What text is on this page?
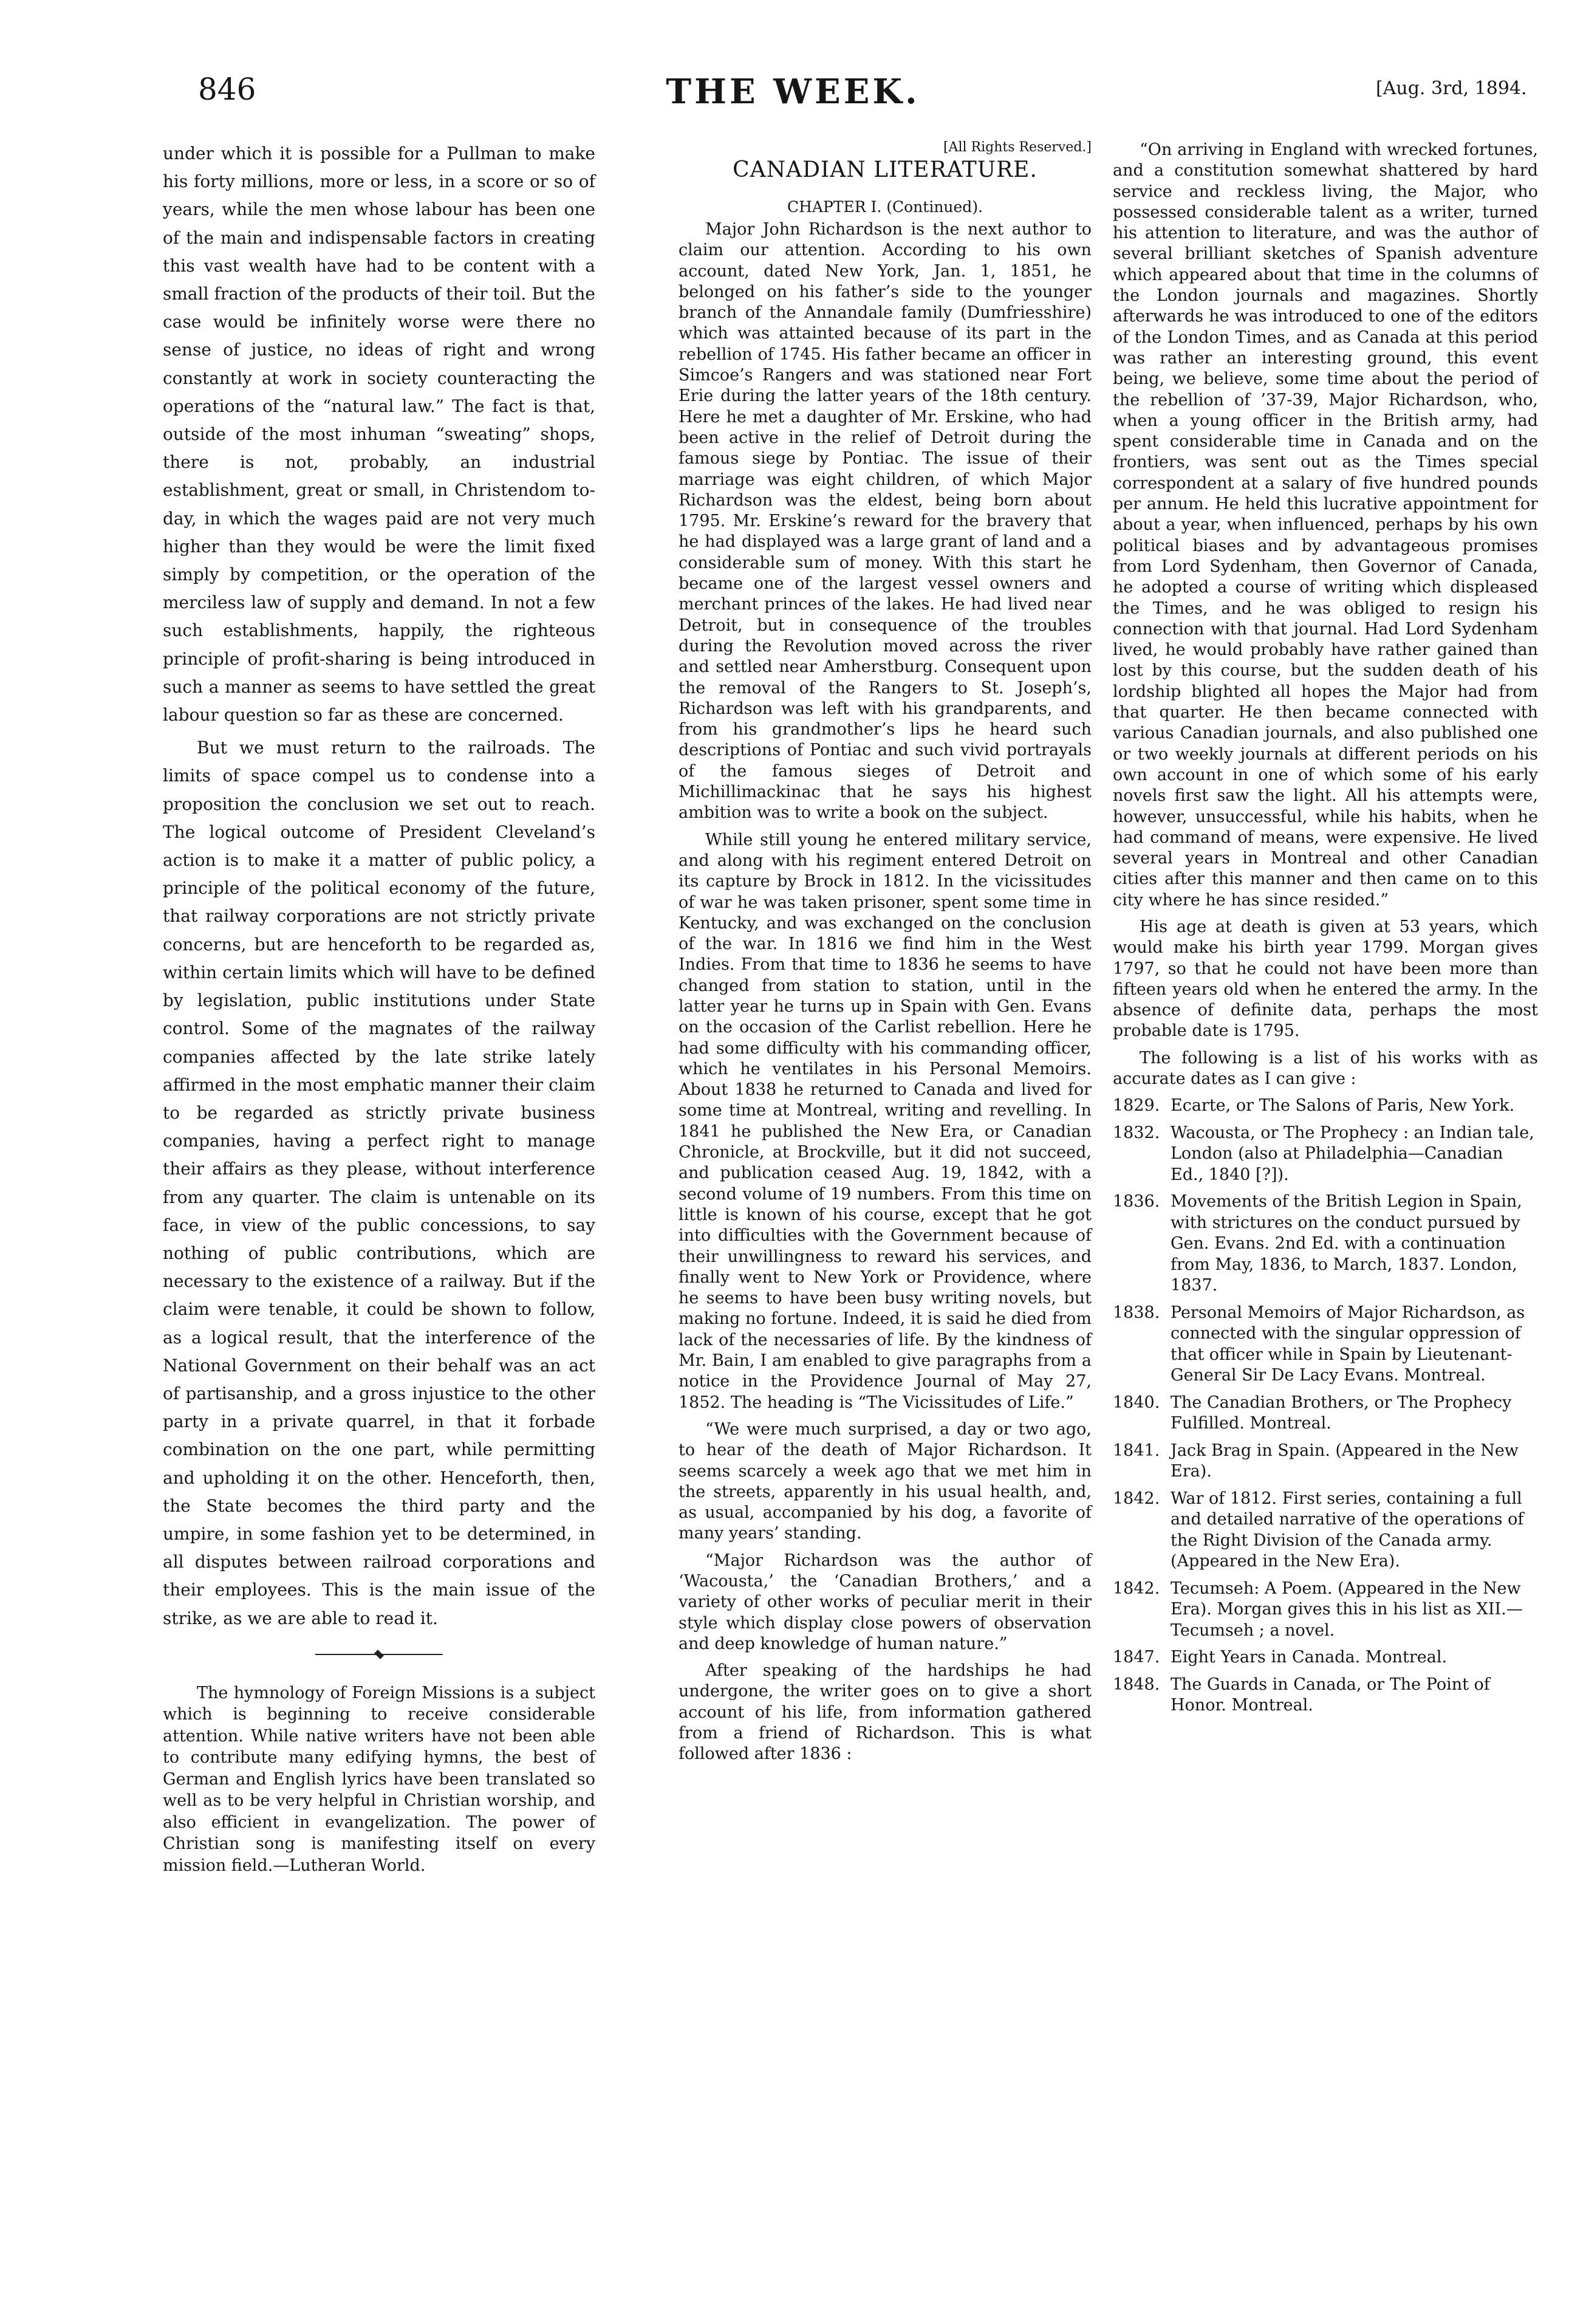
THE WEEK.
846	[Aug. 3rd, 1894.

under which it is possible for a Pullman to make his forty millions, more or less, in a score or so of years, while the men whose labour has been one of the main and indispensable factors in creating this vast wealth have had to be content with a small fraction of the products of their toil. But the case would be infinitely worse were there no sense of justice, no ideas of right and wrong constantly at work in society counteracting the operations of the “natural law.” The fact is that, outside of the most inhuman “sweating” shops, there is not, probably, an industrial establishment, great or small, in Christendom to-day, in which the wages paid are not very much higher than they would be were the limit fixed simply by competition, or the operation of the merciless law of supply and demand. In not a few such establishments, happily, the righteous principle of profit-sharing is being introduced in such a manner as seems to have settled the great labour question so far as these are concerned.

But we must return to the railroads. The limits of space compel us to condense into a proposition the conclusion we set out to reach. The logical outcome of President Cleveland’s action is to make it a matter of public policy, a principle of the political economy of the future, that railway corporations are not strictly private concerns, but are henceforth to be regarded as, within certain limits which will have to be defined by legislation, public institutions under State control. Some of the magnates of the railway companies affected by the late strike lately affirmed in the most emphatic manner their claim to be regarded as strictly private business companies, having a perfect right to manage their affairs as they please, without interference from any quarter. The claim is untenable on its face, in view of the public concessions, to say nothing of public contributions, which are necessary to the existence of a railway. But if the claim were tenable, it could be shown to follow, as a logical result, that the interference of the National Government on their behalf was an act of partisanship, and a gross injustice to the other party in a private quarrel, in that it forbade combination on the one part, while permitting and upholding it on the other. Henceforth, then, the State becomes the third party and the umpire, in some fashion yet to be determined, in all disputes between railroad corporations and their employees. This is the main issue of the strike, as we are able to read it.

The hymnology of Foreign Missions is a subject which is beginning to receive considerable attention. While native writers have not been able to contribute many edifying hymns, the best of German and English lyrics have been translated so well as to be very helpful in Christian worship, and also efficient in evangelization. The power of Christian song is manifesting itself on every mission field.—Lutheran World.

[All Rights Reserved.]
CANADIAN LITERATURE.
CHAPTER I. (Continued).

Major John Richardson is the next author to claim our attention. According to his own account, dated New York, Jan. 1, 1851, he belonged on his father’s side to the younger branch of the Annandale family (Dumfriesshire) which was attainted because of its part in the rebellion of 1745. His father became an officer in Simcoe’s Rangers and was stationed near Fort Erie during the latter years of the 18th century. Here he met a daughter of Mr. Erskine, who had been active in the relief of Detroit during the famous siege by Pontiac. The issue of their marriage was eight children, of which Major Richardson was the eldest, being born about 1795. Mr. Erskine’s reward for the bravery that he had displayed was a large grant of land and a considerable sum of money. With this start he became one of the largest vessel owners and merchant princes of the lakes. He had lived near Detroit, but in consequence of the troubles during the Revolution moved across the river and settled near Amherstburg. Consequent upon the removal of the Rangers to St. Joseph’s, Richardson was left with his grandparents, and from his grandmother’s lips he heard such descriptions of Pontiac and such vivid portrayals of the famous sieges of Detroit and Michillimackinac that he says his highest ambition was to write a book on the subject.

While still young he entered military service, and along with his regiment entered Detroit on its capture by Brock in 1812. In the vicissitudes of war he was taken prisoner, spent some time in Kentucky, and was exchanged on the conclusion of the war. In 1816 we find him in the West Indies. From that time to 1836 he seems to have changed from station to station, until in the latter year he turns up in Spain with Gen. Evans on the occasion of the Carlist rebellion. Here he had some difficulty with his commanding officer, which he ventilates in his Personal Memoirs. About 1838 he returned to Canada and lived for some time at Montreal, writing and revelling. In 1841 he published the New Era, or Canadian Chronicle, at Brockville, but it did not succeed, and publication ceased Aug. 19, 1842, with a second volume of 19 numbers. From this time on little is known of his course, except that he got into difficulties with the Government because of their unwillingness to reward his services, and finally went to New York or Providence, where he seems to have been busy writing novels, but making no fortune. Indeed, it is said he died from lack of the necessaries of life. By the kindness of Mr. Bain, I am enabled to give paragraphs from a notice in the Providence Journal of May 27, 1852. The heading is “The Vicissitudes of Life.”

“We were much surprised, a day or two ago, to hear of the death of Major Richardson. It seems scarcely a week ago that we met him in the streets, apparently in his usual health, and, as usual, accompanied by his dog, a favorite of many years’ standing.

“Major Richardson was the author of ‘Wacousta,’ the ‘Canadian Brothers,’ and a variety of other works of peculiar merit in their style which display close powers of observation and deep knowledge of human nature.”

After speaking of the hardships he had undergone, the writer goes on to give a short account of his life, from information gathered from a friend of Richardson. This is what followed after 1836 :

“On arriving in England with wrecked fortunes, and a constitution somewhat shattered by hard service and reckless living, the Major, who possessed considerable talent as a writer, turned his attention to literature, and was the author of several brilliant sketches of Spanish adventure which appeared about that time in the columns of the London journals and magazines. Shortly afterwards he was introduced to one of the editors of the London Times, and as Canada at this period was rather an interesting ground, this event being, we believe, some time about the period of the rebellion of ’37-39, Major Richardson, who, when a young officer in the British army, had spent considerable time in Canada and on the frontiers, was sent out as the Times special correspondent at a salary of five hundred pounds per annum. He held this lucrative appointment for about a year, when influenced, perhaps by his own political biases and by advantageous promises from Lord Sydenham, then Governor of Canada, he adopted a course of writing which displeased the Times, and he was obliged to resign his connection with that journal. Had Lord Sydenham lived, he would probably have rather gained than lost by this course, but the sudden death of his lordship blighted all hopes the Major had from that quarter. He then became connected with various Canadian journals, and also published one or two weekly journals at different periods on his own account in one of which some of his early novels first saw the light. All his attempts were, however, unsuccessful, while his habits, when he had command of means, were expensive. He lived several years in Montreal and other Canadian cities after this manner and then came on to this city where he has since resided.”

His age at death is given at 53 years, which would make his birth year 1799. Morgan gives 1797, so that he could not have been more than fifteen years old when he entered the army. In the absence of definite data, perhaps the most probable date is 1795.

The following is a list of his works with as accurate dates as I can give :

1829. Ecarte, or The Salons of Paris, New York.
1832. Wacousta, or The Prophecy : an Indian tale, London (also at Philadelphia—Canadian Ed., 1840 [?]).
1836. Movements of the British Legion in Spain, with strictures on the conduct pursued by Gen. Evans. 2nd Ed. with a continuation from May, 1836, to March, 1837. London, 1837.
1838. Personal Memoirs of Major Richardson, as connected with the singular oppression of that officer while in Spain by Lieutenant-General Sir De Lacy Evans. Montreal.
1840. The Canadian Brothers, or The Prophecy Fulfilled. Montreal.
1841. Jack Brag in Spain. (Appeared in the New Era).
1842. War of 1812. First series, containing a full and detailed narrative of the operations of the Right Division of the Canada army. (Appeared in the New Era).
1842. Tecumseh: A Poem. (Appeared in the New Era). Morgan gives this in his list as XII.—Tecumseh ; a novel.
1847. Eight Years in Canada. Montreal.
1848. The Guards in Canada, or The Point of Honor. Montreal.
